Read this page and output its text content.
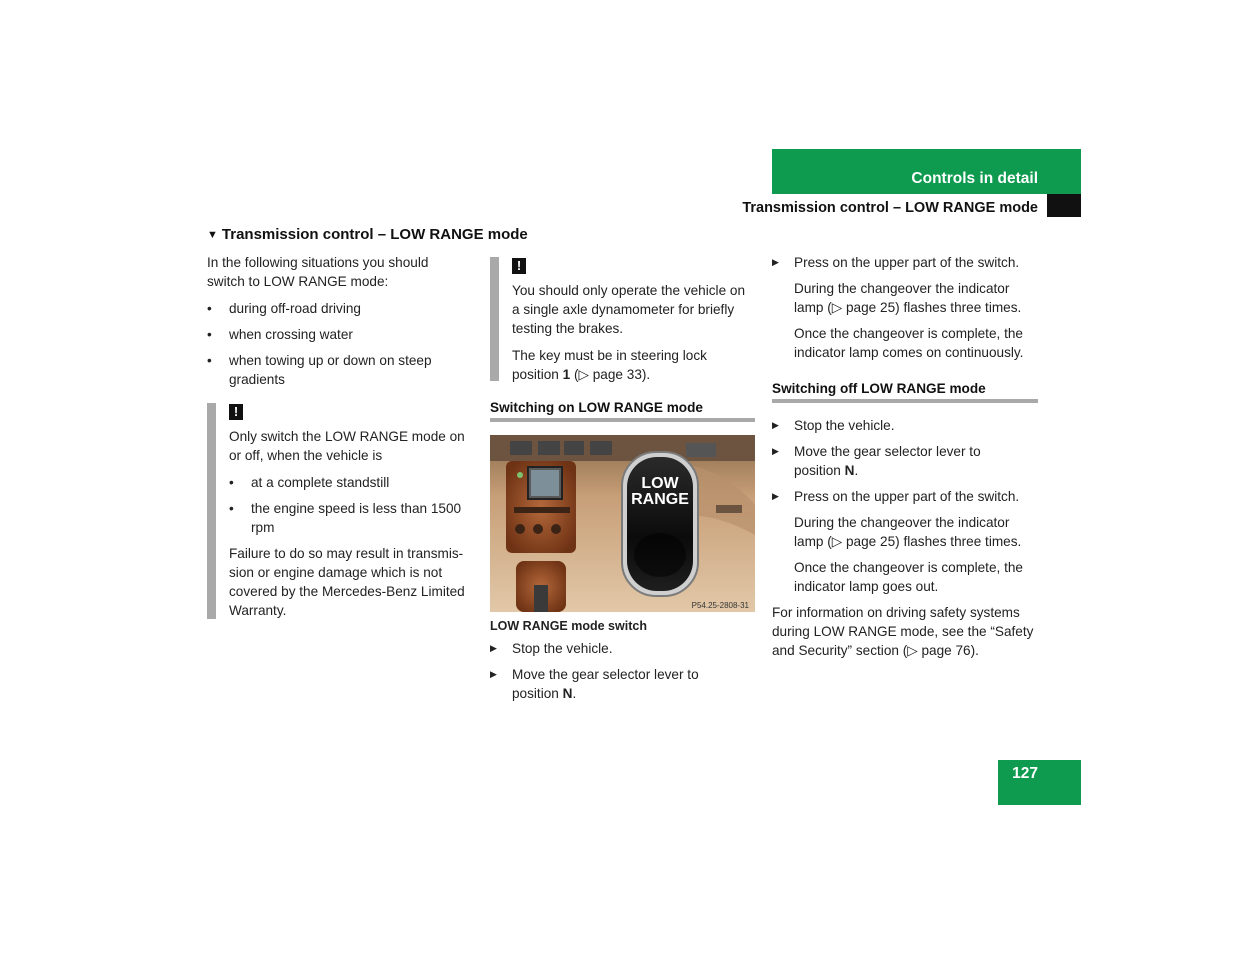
Controls in detail
Transmission control – LOW RANGE mode
▼ Transmission control – LOW RANGE mode

In the following situations you should switch to LOW RANGE mode:

• during off-road driving
• when crossing water
• when towing up or down on steep gradients
!

Only switch the LOW RANGE mode on or off, when the vehicle is

• at a complete standstill
• the engine speed is less than 1500 rpm

Failure to do so may result in transmis-sion or engine damage which is not covered by the Mercedes-Benz Limited Warranty.

!

You should only operate the vehicle on a single axle dynamometer for briefly testing the brakes.

The key must be in steering lock position 1 (▷ page 33).

Switching on LOW RANGE mode
LOW
RANGE
P54.25-2808-31
LOW RANGE mode switch
▶ Stop the vehicle.
▶ Move the gear selector lever to position N.
▶ Press on the upper part of the switch.

During the changeover the indicator lamp (▷ page 25) flashes three times.

Once the changeover is complete, the indicator lamp comes on continuously.

Switching off LOW RANGE mode
▶ Stop the vehicle.
▶ Move the gear selector lever to position N.
▶ Press on the upper part of the switch.

During the changeover the indicator lamp (▷ page 25) flashes three times.

Once the changeover is complete, the indicator lamp goes out.

For information on driving safety systems during LOW RANGE mode, see the “Safety and Security” section (▷ page 76).

127
